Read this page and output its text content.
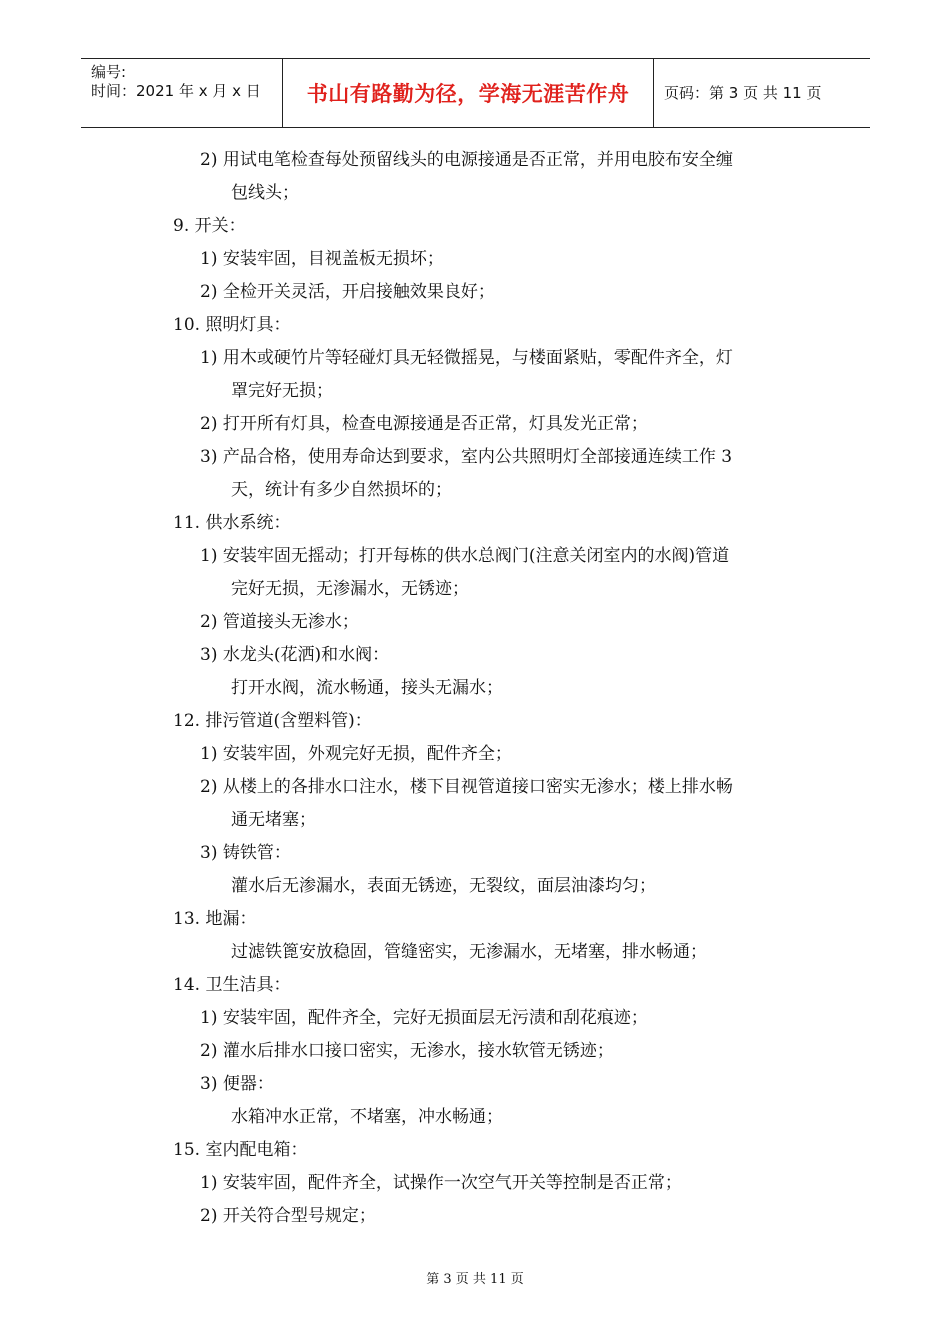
编号:
时间：2021 年 x 月 x 日 书山有路勤为径，学海无涯苦作舟 页码：第 3 页 共 11 页
2) 用试电笔检查每处预留线头的电源接通是否正常，并用电胶布安全缠
包线头；
9. 开关：
1) 安装牢固，目视盖板无损坏；
2) 全检开关灵活，开启接触效果良好；
10. 照明灯具：
1) 用木或硬竹片等轻碰灯具无轻微摇晃，与楼面紧贴，零配件齐全，灯
罩完好无损；
2) 打开所有灯具，检查电源接通是否正常，灯具发光正常；
3) 产品合格，使用寿命达到要求，室内公共照明灯全部接通连续工作 3
天，统计有多少自然损坏的；
11. 供水系统：
1) 安装牢固无摇动；打开每栋的供水总阀门(注意关闭室内的水阀)管道
完好无损，无渗漏水，无锈迹；
2) 管道接头无渗水；
3) 水龙头(花洒)和水阀：
打开水阀，流水畅通，接头无漏水；
12. 排污管道(含塑料管)：
1) 安装牢固，外观完好无损，配件齐全；
2) 从楼上的各排水口注水，楼下目视管道接口密实无渗水；楼上排水畅
通无堵塞；
3) 铸铁管：
灌水后无渗漏水，表面无锈迹，无裂纹，面层油漆均匀；
13. 地漏：
过滤铁篦安放稳固，管缝密实，无渗漏水，无堵塞，排水畅通；
14. 卫生洁具：
1) 安装牢固，配件齐全，完好无损面层无污渍和刮花痕迹；
2) 灌水后排水口接口密实，无渗水，接水软管无锈迹；
3) 便器：
水箱冲水正常，不堵塞，冲水畅通；
15. 室内配电箱：
1) 安装牢固，配件齐全，试操作一次空气开关等控制是否正常；
2) 开关符合型号规定；
第 3 页 共 11 页
